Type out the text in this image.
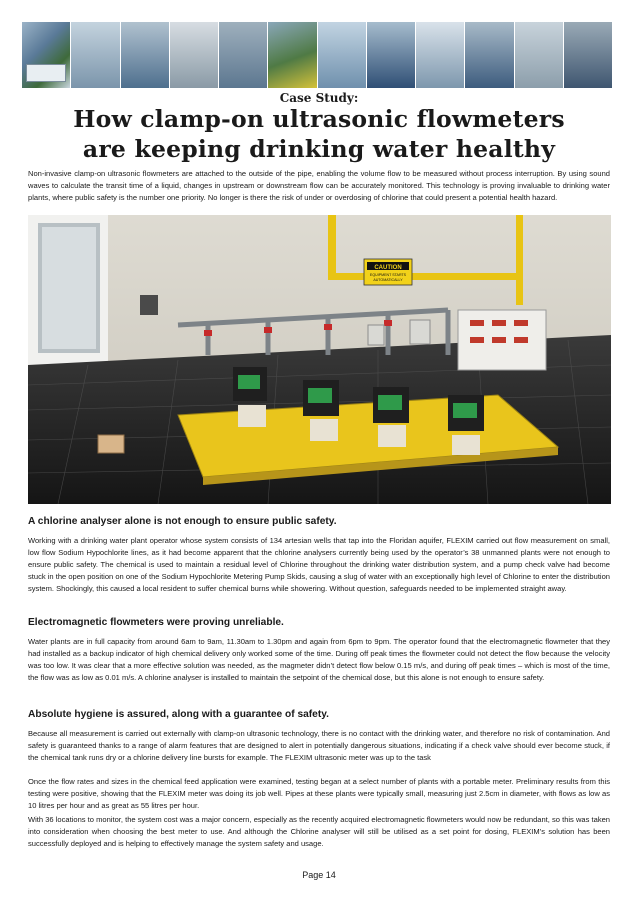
Case Study:
How clamp-on ultrasonic flowmeters
are keeping drinking water healthy

Non-invasive clamp-on ultrasonic flowmeters are attached to the outside of the pipe, enabling the volume flow to be measured without process interruption. By using sound waves to calculate the transit time of a liquid, changes in upstream or downstream flow can be accurately monitored. This technology is proving invaluable to drinking water plants, where public safety is the number one priority. No longer is there the risk of under or overdosing of chlorine that could present a potential health hazard.

CAUTION
EQUIPMENT STARTS
AUTOMATICALLY
A chlorine analyser alone is not enough to ensure public safety.

Working with a drinking water plant operator whose system consists of 134 artesian wells that tap into the Floridan aquifer, FLEXIM carried out flow measurement on small, low flow Sodium Hypochlorite lines, as it had become apparent that the chlorine analysers currently being used by the operator’s 38 unmanned plants were not enough to ensure public safety. The chemical is used to maintain a residual level of Chlorine throughout the drinking water distribution system, and a pump check valve had become stuck in the open position on one of the Sodium Hypochlorite Metering Pump Skids, causing a slug of water with an exceptionally high level of Chlorine to enter the distribution system. Shockingly, this caused a local resident to suffer chemical burns while showering. Without question, safeguards needed to be implemented straight away.

Electromagnetic flowmeters were proving unreliable.

Water plants are in full capacity from around 6am to 9am, 11.30am to 1.30pm and again from 6pm to 9pm. The operator found that the electromagnetic flowmeter that they had installed as a backup indicator of high chemical delivery only worked some of the time. During off peak times the flowmeter could not detect the flow because the velocity was too low. It was clear that a more effective solution was needed, as the magmeter didn’t detect flow below 0.15 m/s, and during off peak times – which is most of the time, the flow was as low as 0.01 m/s. A chlorine analyser is installed to maintain the setpoint of the chemical dose, but this alone is not enough to ensure safety.

Absolute hygiene is assured, along with a guarantee of safety.

Because all measurement is carried out externally with clamp-on ultrasonic technology, there is no contact with the drinking water, and therefore no risk of contamination. And safety is guaranteed thanks to a range of alarm features that are designed to alert in potentially dangerous situations, indicating if a check valve should ever become stuck, if the chemical tank runs dry or a chlorine delivery line bursts for example. The FLEXIM ultrasonic meter was up to the task

Once the flow rates and sizes in the chemical feed application were examined, testing began at a select number of plants with a portable meter. Preliminary results from this testing were positive, showing that the FLEXIM meter was doing its job well. Pipes at these plants were typically small, measuring just 2.5cm in diameter, with flows as low as 10 litres per hour and as great as 55 litres per hour.

With 36 locations to monitor, the system cost was a major concern, especially as the recently acquired electromagnetic flowmeters would now be redundant, so this was taken into consideration when choosing the best meter to use. And although the Chlorine analyser will still be utilised as a set point for dosing, FLEXIM’s solution has been successfully deployed and is helping to effectively manage the system safety and usage.

Page 14
